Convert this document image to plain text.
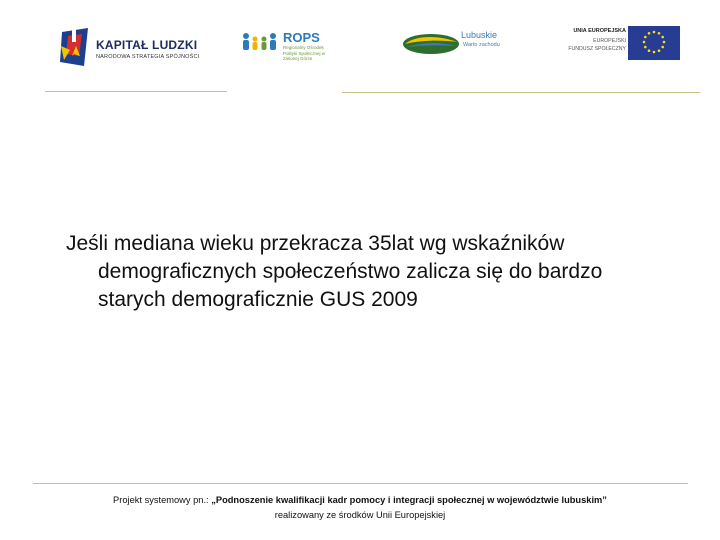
KAPITAŁ LUDZKI
NARODOWA STRATEGIA SPÓJNOŚCI
ROPS
Regionalny Ośrodek Polityki Społecznej w Zielonej Górze
Lubuskie
Warto zachodu
UNIA EUROPEJSKA
EUROPEJSKI
FUNDUSZ SPOŁECZNY
Jeśli mediana wieku przekracza 35lat wg wskaźników demograficznych społeczeństwo zalicza się do bardzo starych demograficznie GUS 2009
Projekt systemowy pn.: „Podnoszenie kwalifikacji kadr pomocy i integracji społecznej w województwie lubuskim”
realizowany ze środków Unii Europejskiej
